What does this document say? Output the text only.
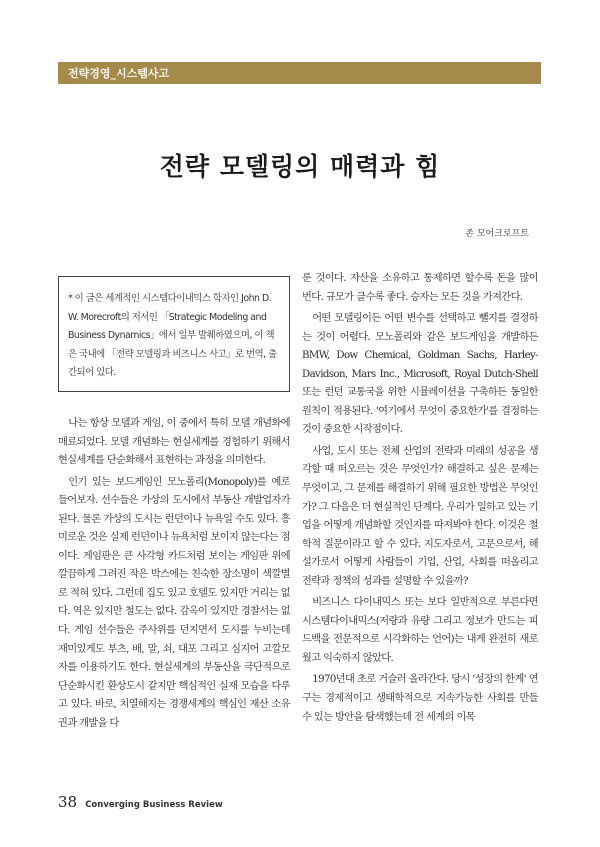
전략경영_시스템사고
전략 모델링의 매력과 힘
존 모어크로프트
* 이 글은 세계적인 시스템다이내믹스 학자인 John D. W. Morecroft의 저서인 「Strategic Modeling and Business Dynamics」에서 일부 발췌하였으며, 이 책은 국내에 「전략 모델링과 비즈니스 사고」로 번역, 출간되어 있다.

나는 항상 모델과 게임, 이 중에서 특히 모델 개념화에 매료되었다. 모델 개념화는 현실세계를 경험하기 위해서 현실세계를 단순화해서 표현하는 과정을 의미한다.

인기 있는 보드게임인 모노폴리(Monopoly)를 예로 들어보자. 선수들은 가상의 도시에서 부동산 개발업자가 된다. 물론 가상의 도시는 런던이나 뉴욕일 수도 있다. 흥미로운 것은 실제 런던이나 뉴욕처럼 보이지 않는다는 점이다. 게임판은 큰 사각형 카드처럼 보이는 게임판 위에 깔끔하게 그려진 작은 박스에는 친숙한 장소명이 색깔별로 적혀 있다. 그런데 집도 있고 호텔도 있지만 거리는 없다. 역은 있지만 철도는 없다. 감옥이 있지만 경찰서는 없다. 게임 선수들은 주사위를 던지면서 도시를 누비는데 재미있게도 부츠, 배, 말, 쇠, 대포 그리고 심지어 고깔모자를 이용하기도 한다. 현실세계의 부동산을 극단적으로 단순화시킨 환상도시 같지만 핵심적인 실재 모습을 다루고 있다. 바로, 치열해지는 경쟁세계의 핵심인 재산 소유권과 개발을 다

룬 것이다. 자산을 소유하고 통제하면 할수록 돈을 많이 번다. 규모가 클수록 좋다. 승자는 모든 것을 가져간다.

어떤 모델링이든 어떤 변수를 선택하고 뺄지를 결정하는 것이 어렵다. 모노폴리와 같은 보드게임을 개발하든 BMW, Dow Chemical, Goldman Sachs, Harley-Davidson, Mars Inc., Microsoft, Royal Dutch-Shell 또는 런던 교통국을 위한 시뮬레이션을 구축하든 동일한 원칙이 적용된다. '여기에서 무엇이 중요한가'를 결정하는 것이 중요한 시작점이다.

사업, 도시 또는 전체 산업의 전략과 미래의 성공을 생각할 때 떠오르는 것은 무엇인가? 해결하고 싶은 문제는 무엇이고, 그 문제를 해결하기 위해 필요한 방법은 무엇인가? 그 다음은 더 현실적인 단계다. 우리가 일하고 있는 기업을 어떻게 개념화할 것인지를 따져봐야 한다. 이것은 철학적 질문이라고 할 수 있다. 지도자로서, 고문으로서, 해설가로서 어떻게 사람들이 기업, 산업, 사회를 떠올리고 전략과 정책의 성과를 설명할 수 있을까?

비즈니스 다이내믹스 또는 보다 일반적으로 부른다면 시스템다이내믹스(저량과 유량 그리고 정보가 만드는 피드백을 전문적으로 시각화하는 언어)는 내게 완전히 새로웠고 익숙하지 않았다.

1970년대 초로 거슬러 올라간다. 당시 '성장의 한계' 연구는 경제적이고 생태학적으로 지속가능한 사회를 만들 수 있는 방안을 탐색했는데 전 세계의 이목

38 Converging Business Review
